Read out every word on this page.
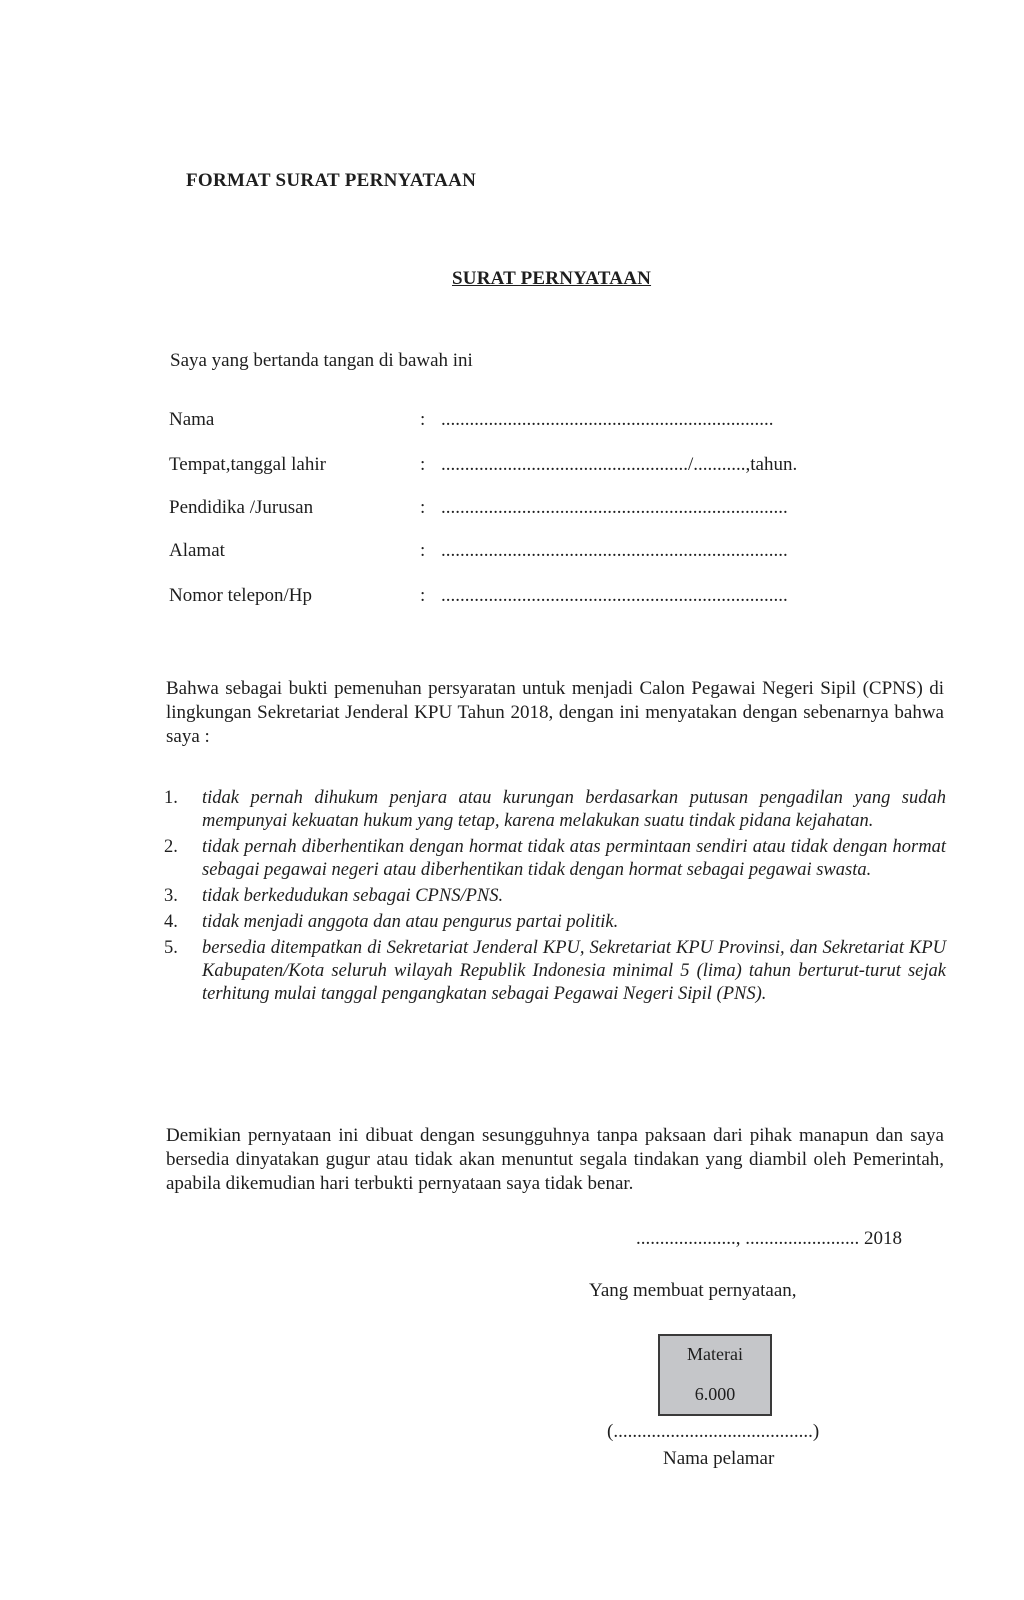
FORMAT SURAT PERNYATAAN
SURAT PERNYATAAN
Saya yang bertanda tangan di bawah ini
Nama	: ......................................................................
Tempat,tanggal lahir	: ..................................................../...........,tahun.
Pendidika /Jurusan	: .........................................................................
Alamat	: .........................................................................
Nomor telepon/Hp	: .........................................................................
Bahwa sebagai bukti pemenuhan persyaratan untuk menjadi Calon Pegawai Negeri Sipil (CPNS) di lingkungan Sekretariat Jenderal KPU Tahun 2018, dengan ini menyatakan dengan sebenarnya bahwa saya :
1. tidak pernah dihukum penjara atau kurungan berdasarkan putusan pengadilan yang sudah mempunyai kekuatan hukum yang tetap, karena melakukan suatu tindak pidana kejahatan.
2. tidak pernah diberhentikan dengan hormat tidak atas permintaan sendiri atau tidak dengan hormat sebagai pegawai negeri atau diberhentikan tidak dengan hormat sebagai pegawai swasta.
3. tidak berkedudukan sebagai CPNS/PNS.
4. tidak menjadi anggota dan atau pengurus partai politik.
5. bersedia ditempatkan di Sekretariat Jenderal KPU, Sekretariat KPU Provinsi, dan Sekretariat KPU Kabupaten/Kota seluruh wilayah Republik Indonesia minimal 5 (lima) tahun berturut-turut sejak terhitung mulai tanggal pengangkatan sebagai Pegawai Negeri Sipil (PNS).
Demikian pernyataan ini dibuat dengan sesungguhnya tanpa paksaan dari pihak manapun dan saya bersedia dinyatakan gugur atau tidak akan menuntut segala tindakan yang diambil oleh Pemerintah, apabila dikemudian hari terbukti pernyataan saya tidak benar.
....................., ........................ 2018
Yang membuat pernyataan,
Materai
6.000
(..........................................)
Nama pelamar
